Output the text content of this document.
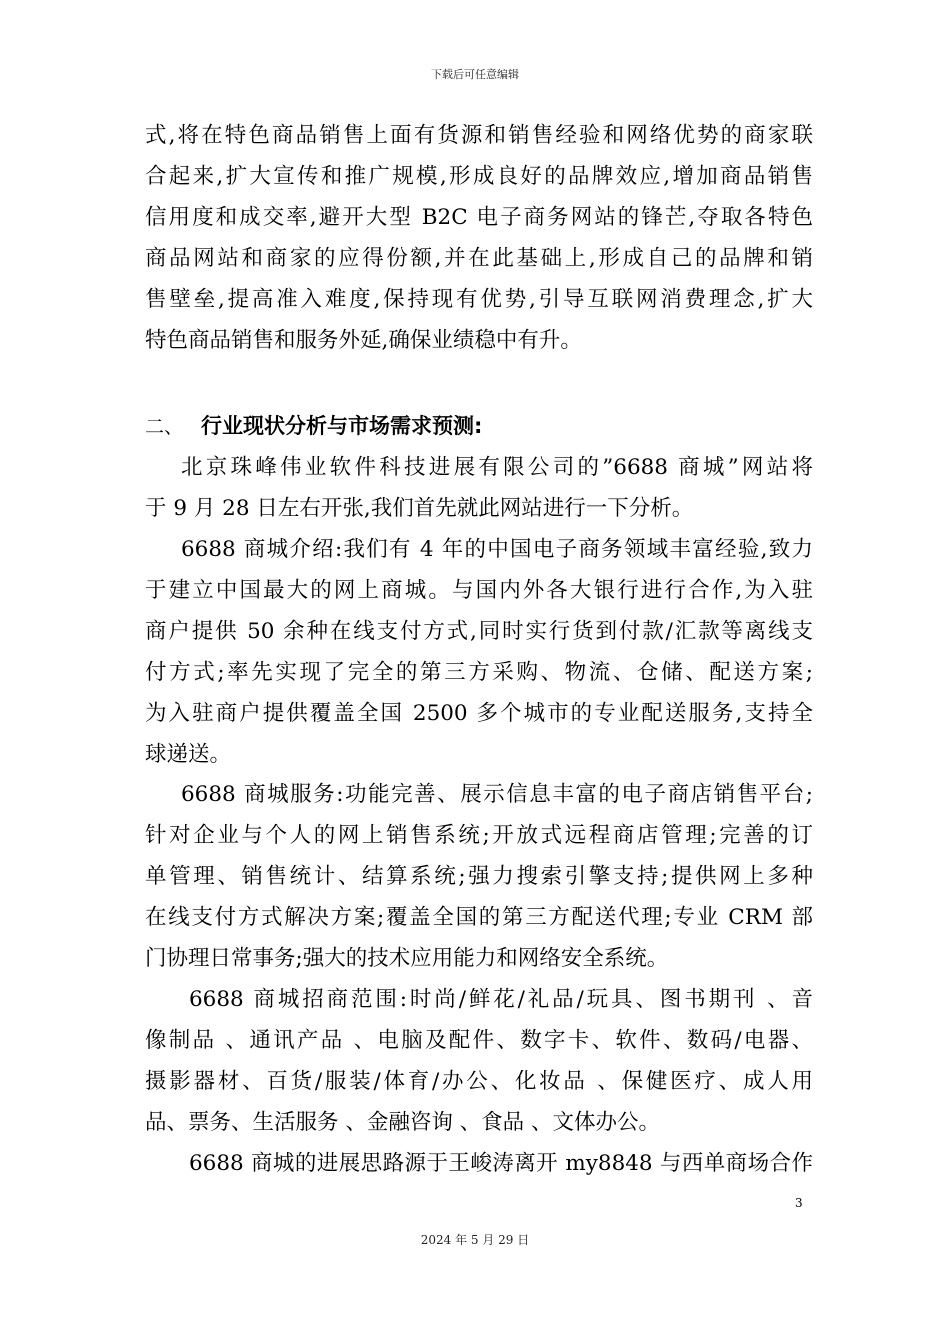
下载后可任意编辑
式,将在特色商品销售上面有货源和销售经验和网络优势的商家联
合起来,扩大宣传和推广规模,形成良好的品牌效应,增加商品销售
信用度和成交率,避开大型 B2C 电子商务网站的锋芒,夺取各特色
商品网站和商家的应得份额,并在此基础上,形成自己的品牌和销
售壁垒,提高准入难度,保持现有优势,引导互联网消费理念,扩大
特色商品销售和服务外延,确保业绩稳中有升。
二、 行业现状分析与市场需求预测:
北京珠峰伟业软件科技进展有限公司的”6688 商城”网站将
于 9 月 28 日左右开张,我们首先就此网站进行一下分析。
6688 商城介绍:我们有 4 年的中国电子商务领域丰富经验,致力
于建立中国最大的网上商城。与国内外各大银行进行合作,为入驻
商户提供 50 余种在线支付方式,同时实行货到付款/汇款等离线支
付方式;率先实现了完全的第三方采购、物流、仓储、配送方案;
为入驻商户提供覆盖全国 2500 多个城市的专业配送服务,支持全
球递送。
6688 商城服务:功能完善、展示信息丰富的电子商店销售平台;
针对企业与个人的网上销售系统;开放式远程商店管理;完善的订
单管理、销售统计、结算系统;强力搜索引擎支持;提供网上多种
在线支付方式解决方案;覆盖全国的第三方配送代理;专业 CRM 部
门协理日常事务;强大的技术应用能力和网络安全系统。
6688 商城招商范围:时尚/鲜花/礼品/玩具、图书期刊 、音
像制品 、通讯产品 、电脑及配件、数字卡、软件、数码/电器、
摄影器材、百货/服装/体育/办公、化妆品 、保健医疗、成人用
品、票务、生活服务 、金融咨询 、食品 、文体办公。
6688 商城的进展思路源于王峻涛离开 my8848 与西单商场合作
3
2024 年 5 月 29 日
